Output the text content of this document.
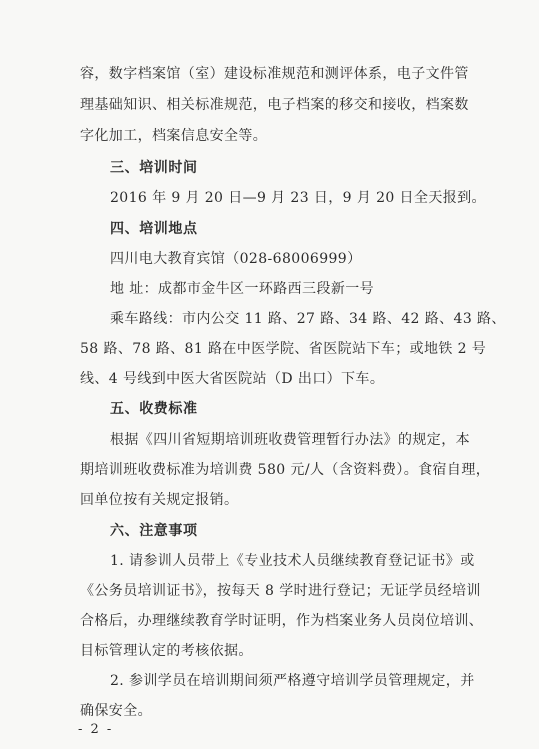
容，数字档案馆（室）建设标准规范和测评体系，电子文件管
理基础知识、相关标准规范，电子档案的移交和接收，档案数
字化加工，档案信息安全等。
三、培训时间
2016 年 9 月 20 日—9 月 23 日，9 月 20 日全天报到。
四、培训地点
四川电大教育宾馆（028-68006999）
地 址：成都市金牛区一环路西三段新一号
乘车路线：市内公交 11 路、27 路、34 路、42 路、43 路、
58 路、78 路、81 路在中医学院、省医院站下车；或地铁 2 号
线、4 号线到中医大省医院站（D 出口）下车。
五、收费标准
根据《四川省短期培训班收费管理暂行办法》的规定，本
期培训班收费标准为培训费 580 元/人（含资料费）。食宿自理，
回单位按有关规定报销。
六、注意事项
1. 请参训人员带上《专业技术人员继续教育登记证书》或
《公务员培训证书》，按每天 8 学时进行登记；无证学员经培训
合格后，办理继续教育学时证明，作为档案业务人员岗位培训、
目标管理认定的考核依据。
2. 参训学员在培训期间须严格遵守培训学员管理规定，并
确保安全。
- 2 -
